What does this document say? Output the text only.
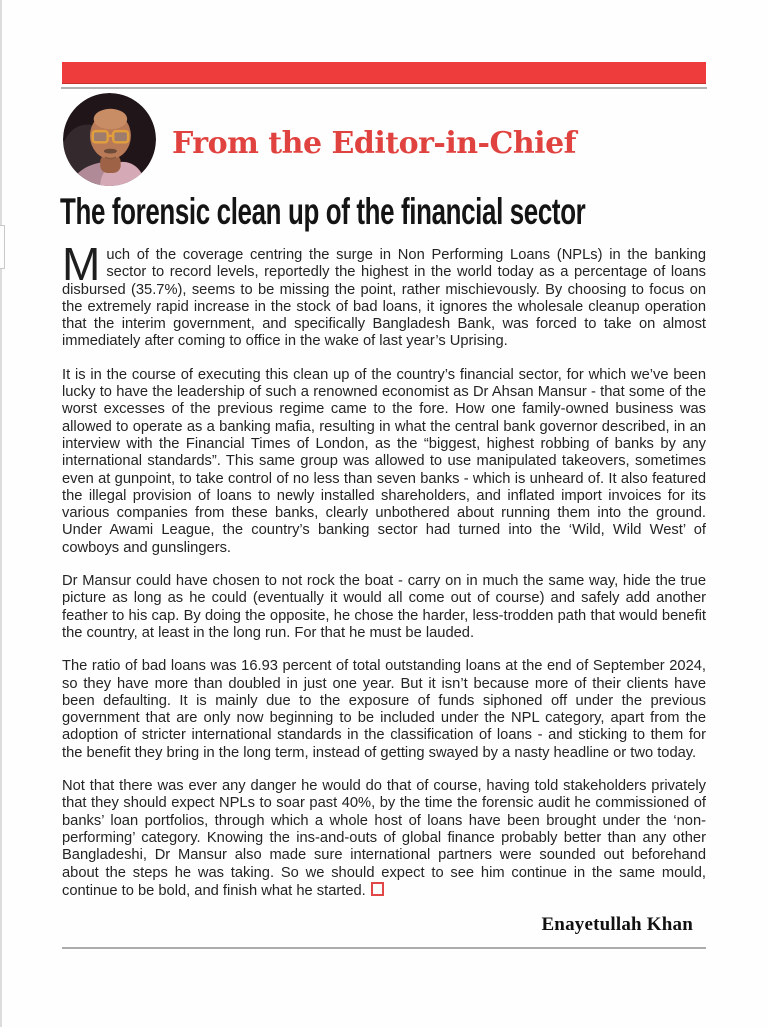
From the Editor-in-Chief
The forensic clean up of the financial sector

Much of the coverage centring the surge in Non Performing Loans (NPLs) in the banking sector to record levels, reportedly the highest in the world today as a percentage of loans disbursed (35.7%), seems to be missing the point, rather mischievously. By choosing to focus on the extremely rapid increase in the stock of bad loans, it ignores the wholesale cleanup operation that the interim government, and specifically Bangladesh Bank, was forced to take on almost immediately after coming to office in the wake of last year’s Uprising.

It is in the course of executing this clean up of the country’s financial sector, for which we’ve been lucky to have the leadership of such a renowned economist as Dr Ahsan Mansur - that some of the worst excesses of the previous regime came to the fore. How one family-owned business was allowed to operate as a banking mafia, resulting in what the central bank governor described, in an interview with the Financial Times of London, as the “biggest, highest robbing of banks by any international standards”. This same group was allowed to use manipulated takeovers, sometimes even at gunpoint, to take control of no less than seven banks - which is unheard of. It also featured the illegal provision of loans to newly installed shareholders, and inflated import invoices for its various companies from these banks, clearly unbothered about running them into the ground. Under Awami League, the country’s banking sector had turned into the ‘Wild, Wild West’ of cowboys and gunslingers.

Dr Mansur could have chosen to not rock the boat - carry on in much the same way, hide the true picture as long as he could (eventually it would all come out of course) and safely add another feather to his cap. By doing the opposite, he chose the harder, less-trodden path that would benefit the country, at least in the long run. For that he must be lauded.

The ratio of bad loans was 16.93 percent of total outstanding loans at the end of September 2024, so they have more than doubled in just one year. But it isn’t because more of their clients have been defaulting. It is mainly due to the exposure of funds siphoned off under the previous government that are only now beginning to be included under the NPL category, apart from the adoption of stricter international standards in the classification of loans - and sticking to them for the benefit they bring in the long term, instead of getting swayed by a nasty headline or two today.

Not that there was ever any danger he would do that of course, having told stakeholders privately that they should expect NPLs to soar past 40%, by the time the forensic audit he commissioned of banks’ loan portfolios, through which a whole host of loans have been brought under the ‘non-performing’ category. Knowing the ins-and-outs of global finance probably better than any other Bangladeshi, Dr Mansur also made sure international partners were sounded out beforehand about the steps he was taking. So we should expect to see him continue in the same mould, continue to be bold, and finish what he started.

Enayetullah Khan
